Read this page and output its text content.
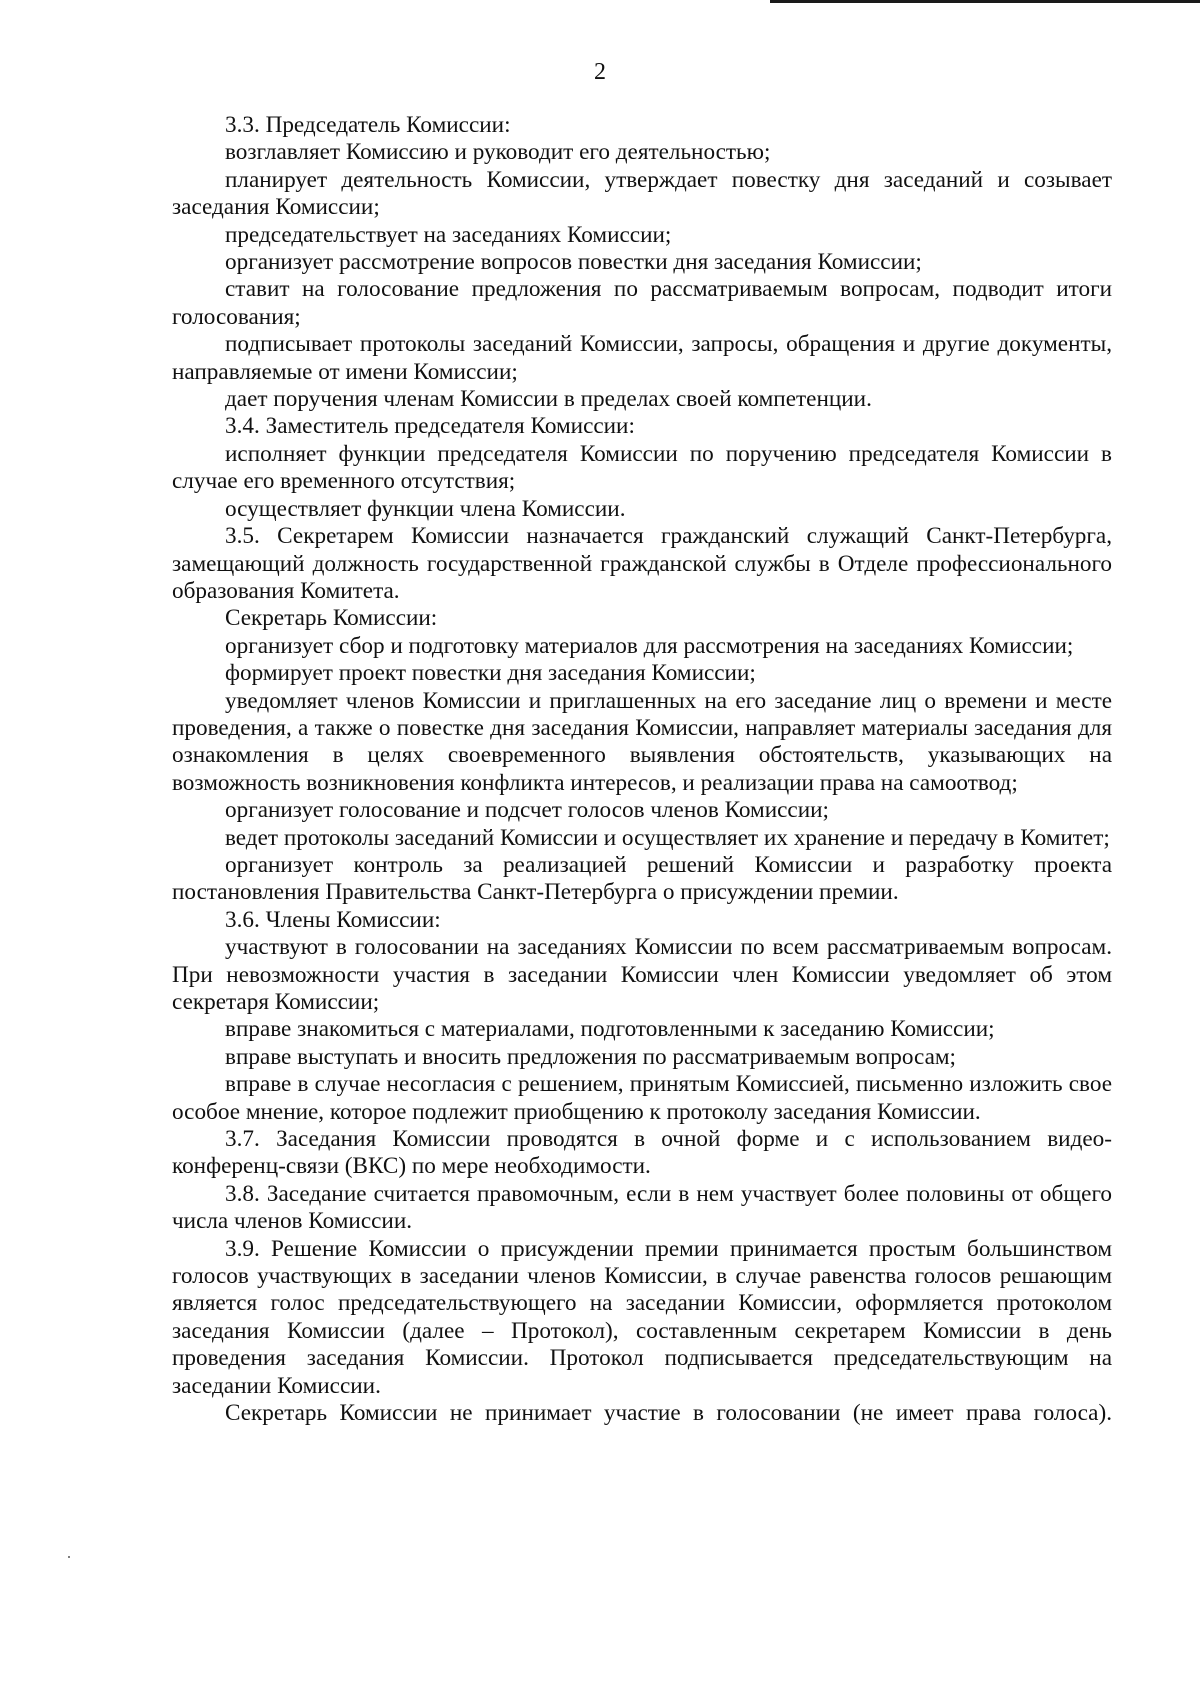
2

3.3. Председатель Комиссии:

возглавляет Комиссию и руководит его деятельностью;

планирует деятельность Комиссии, утверждает повестку дня заседаний и созывает заседания Комиссии;

председательствует на заседаниях Комиссии;

организует рассмотрение вопросов повестки дня заседания Комиссии;

ставит на голосование предложения по рассматриваемым вопросам, подводит итоги голосования;

подписывает протоколы заседаний Комиссии, запросы, обращения и другие документы, направляемые от имени Комиссии;

дает поручения членам Комиссии в пределах своей компетенции.

3.4. Заместитель председателя Комиссии:

исполняет функции председателя Комиссии по поручению председателя Комиссии в случае его временного отсутствия;

осуществляет функции члена Комиссии.

3.5. Секретарем Комиссии назначается гражданский служащий Санкт-Петербурга, замещающий должность государственной гражданской службы в Отделе профессионального образования Комитета.

Секретарь Комиссии:

организует сбор и подготовку материалов для рассмотрения на заседаниях Комиссии;

формирует проект повестки дня заседания Комиссии;

уведомляет членов Комиссии и приглашенных на его заседание лиц о времени и месте проведения, а также о повестке дня заседания Комиссии, направляет материалы заседания для ознакомления в целях своевременного выявления обстоятельств, указывающих на возможность возникновения конфликта интересов, и реализации права на самоотвод;

организует голосование и подсчет голосов членов Комиссии;

ведет протоколы заседаний Комиссии и осуществляет их хранение и передачу в Комитет;

организует контроль за реализацией решений Комиссии и разработку проекта постановления Правительства Санкт-Петербурга о присуждении премии.

3.6. Члены Комиссии:

участвуют в голосовании на заседаниях Комиссии по всем рассматриваемым вопросам. При невозможности участия в заседании Комиссии член Комиссии уведомляет об этом секретаря Комиссии;

вправе знакомиться с материалами, подготовленными к заседанию Комиссии;

вправе выступать и вносить предложения по рассматриваемым вопросам;

вправе в случае несогласия с решением, принятым Комиссией, письменно изложить свое особое мнение, которое подлежит приобщению к протоколу заседания Комиссии.

3.7. Заседания Комиссии проводятся в очной форме и с использованием видео-конференц-связи (ВКС) по мере необходимости.

3.8. Заседание считается правомочным, если в нем участвует более половины от общего числа членов Комиссии.

3.9. Решение Комиссии о присуждении премии принимается простым большинством голосов участвующих в заседании членов Комиссии, в случае равенства голосов решающим является голос председательствующего на заседании Комиссии, оформляется протоколом заседания Комиссии (далее – Протокол), составленным секретарем Комиссии в день проведения заседания Комиссии. Протокол подписывается председательствующим на заседании Комиссии.

Секретарь Комиссии не принимает участие в голосовании (не имеет права голоса).
